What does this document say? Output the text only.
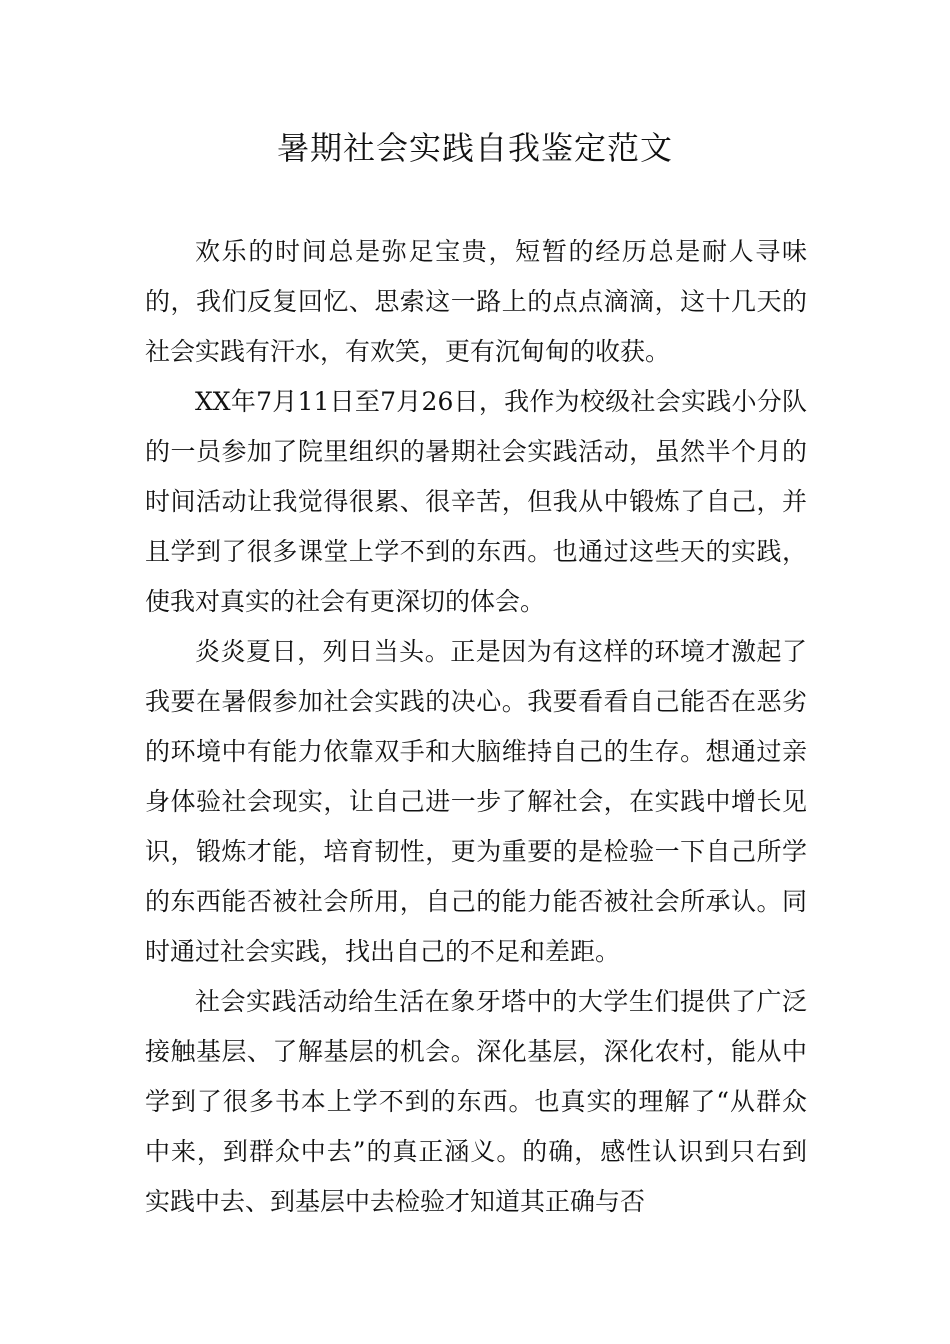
暑期社会实践自我鉴定范文

欢乐的时间总是弥足宝贵，短暂的经历总是耐人寻味的，我们反复回忆、思索这一路上的点点滴滴，这十几天的社会实践有汗水，有欢笑，更有沉甸甸的收获。

XX年7月11日至7月26日，我作为校级社会实践小分队的一员参加了院里组织的暑期社会实践活动，虽然半个月的时间活动让我觉得很累、很辛苦，但我从中锻炼了自己，并且学到了很多课堂上学不到的东西。也通过这些天的实践，使我对真实的社会有更深切的体会。

炎炎夏日，列日当头。正是因为有这样的环境才激起了我要在暑假参加社会实践的决心。我要看看自己能否在恶劣的环境中有能力依靠双手和大脑维持自己的生存。想通过亲身体验社会现实，让自己进一步了解社会，在实践中增长见识，锻炼才能，培育韧性，更为重要的是检验一下自己所学的东西能否被社会所用，自己的能力能否被社会所承认。同时通过社会实践，找出自己的不足和差距。

社会实践活动给生活在象牙塔中的大学生们提供了广泛接触基层、了解基层的机会。深化基层，深化农村，能从中学到了很多书本上学不到的东西。也真实的理解了“从群众中来，到群众中去”的真正涵义。的确，感性认识到只右到实践中去、到基层中去检验才知道其正确与否
